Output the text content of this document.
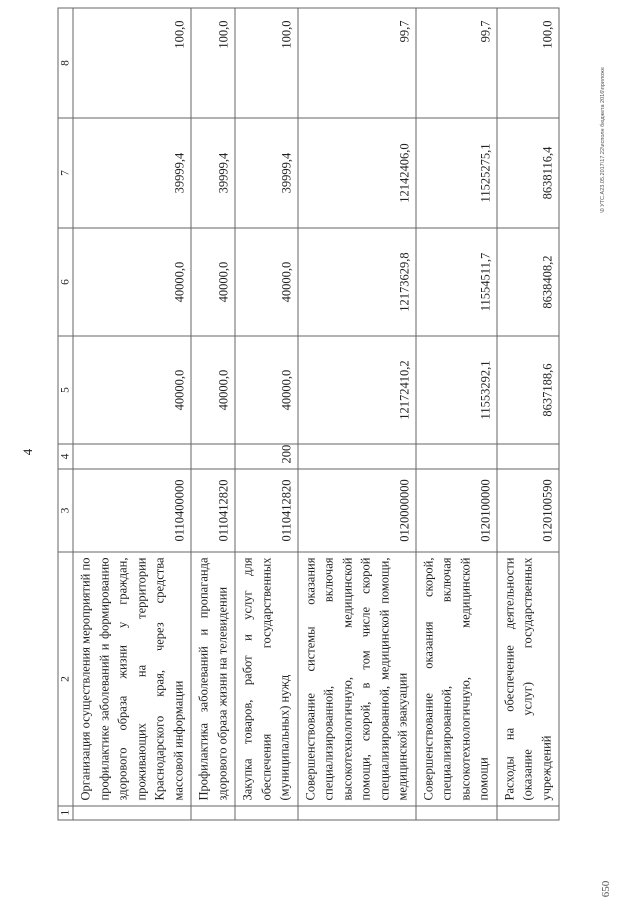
4
650
\0 УТС.А23.05.2017\17.22\исполн бюджета 2016\приложе
1	2	3	4	5	6	7	8
	Организация осуществления мероприятий по профилактике заболеваний и формированию здорового образа жизни у граждан, проживающих на территории Краснодарского края, через средства массовой информации	0110400000		40000,0	40000,0	39999,4	100,0
	Профилактика заболеваний и пропаганда здорового образа жизни на телевидении	0110412820		40000,0	40000,0	39999,4	100,0
	Закупка товаров, работ и услуг для обеспечения государственных (муниципальных) нужд	0110412820	200	40000,0	40000,0	39999,4	100,0
	Совершенствование системы оказания специализированной, включая высокотехнологичную, медицинской помощи, скорой, в том числе скорой специализированной, медицинской помощи, медицинской эвакуации	0120000000		12172410,2	12173629,8	12142406,0	99,7
	Совершенствование оказания скорой, специализированной, включая высокотехнологичную, медицинской помощи	0120100000		11553292,1	11554511,7	11525275,1	99,7
	Расходы на обеспечение деятельности (оказание услуг) государственных учреждений	0120100590		8637188,6	8638408,2	8638116,4	100,0
